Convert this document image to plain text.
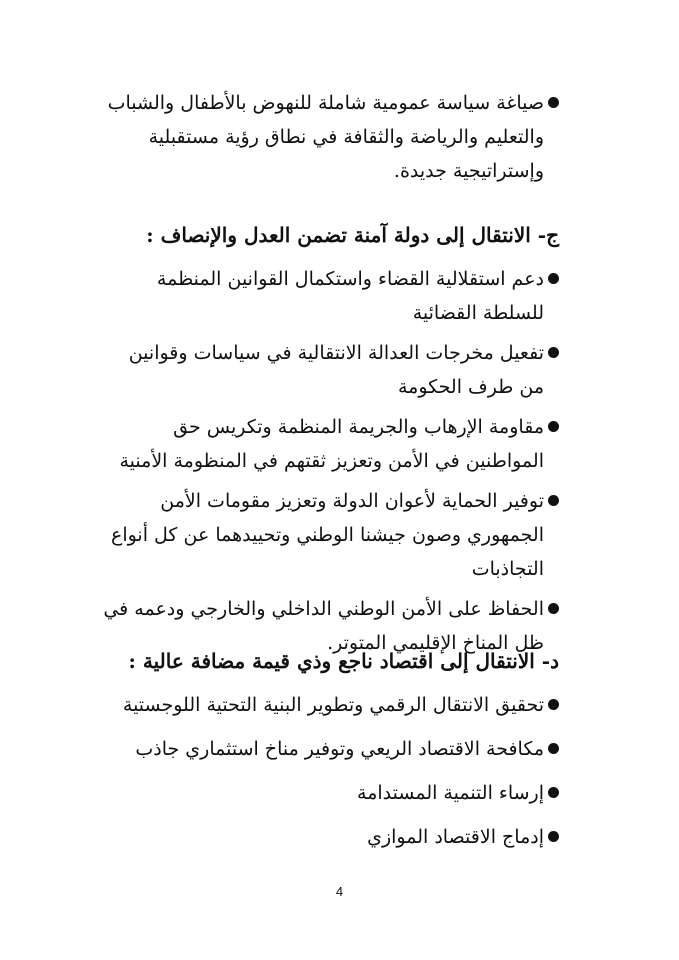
صياغة سياسة عمومية شاملة للنهوض بالأطفال والشباب والتعليم والرياضة والثقافة في نطاق رؤية مستقبلية وإستراتيجية جديدة.
ج- الانتقال إلى دولة آمنة تضمن العدل والإنصاف :
دعم استقلالية القضاء واستكمال القوانين المنظمة للسلطة القضائية
تفعيل مخرجات العدالة الانتقالية في سياسات وقوانين من طرف الحكومة
مقاومة الإرهاب والجريمة المنظمة وتكريس حق المواطنين في الأمن وتعزيز ثقتهم في المنظومة الأمنية
توفير الحماية لأعوان الدولة وتعزيز مقومات الأمن الجمهوري وصون جيشنا الوطني وتحييدهما عن كل أنواع التجاذبات
الحفاظ على الأمن الوطني الداخلي والخارجي ودعمه في ظل المناخ الإقليمي المتوتر.
د- الانتقال إلى اقتصاد ناجع وذي قيمة مضافة عالية :
تحقيق الانتقال الرقمي وتطوير البنية التحتية اللوجستية
مكافحة الاقتصاد الريعي وتوفير مناخ استثماري جاذب
إرساء التنمية المستدامة
إدماج الاقتصاد الموازي
4
